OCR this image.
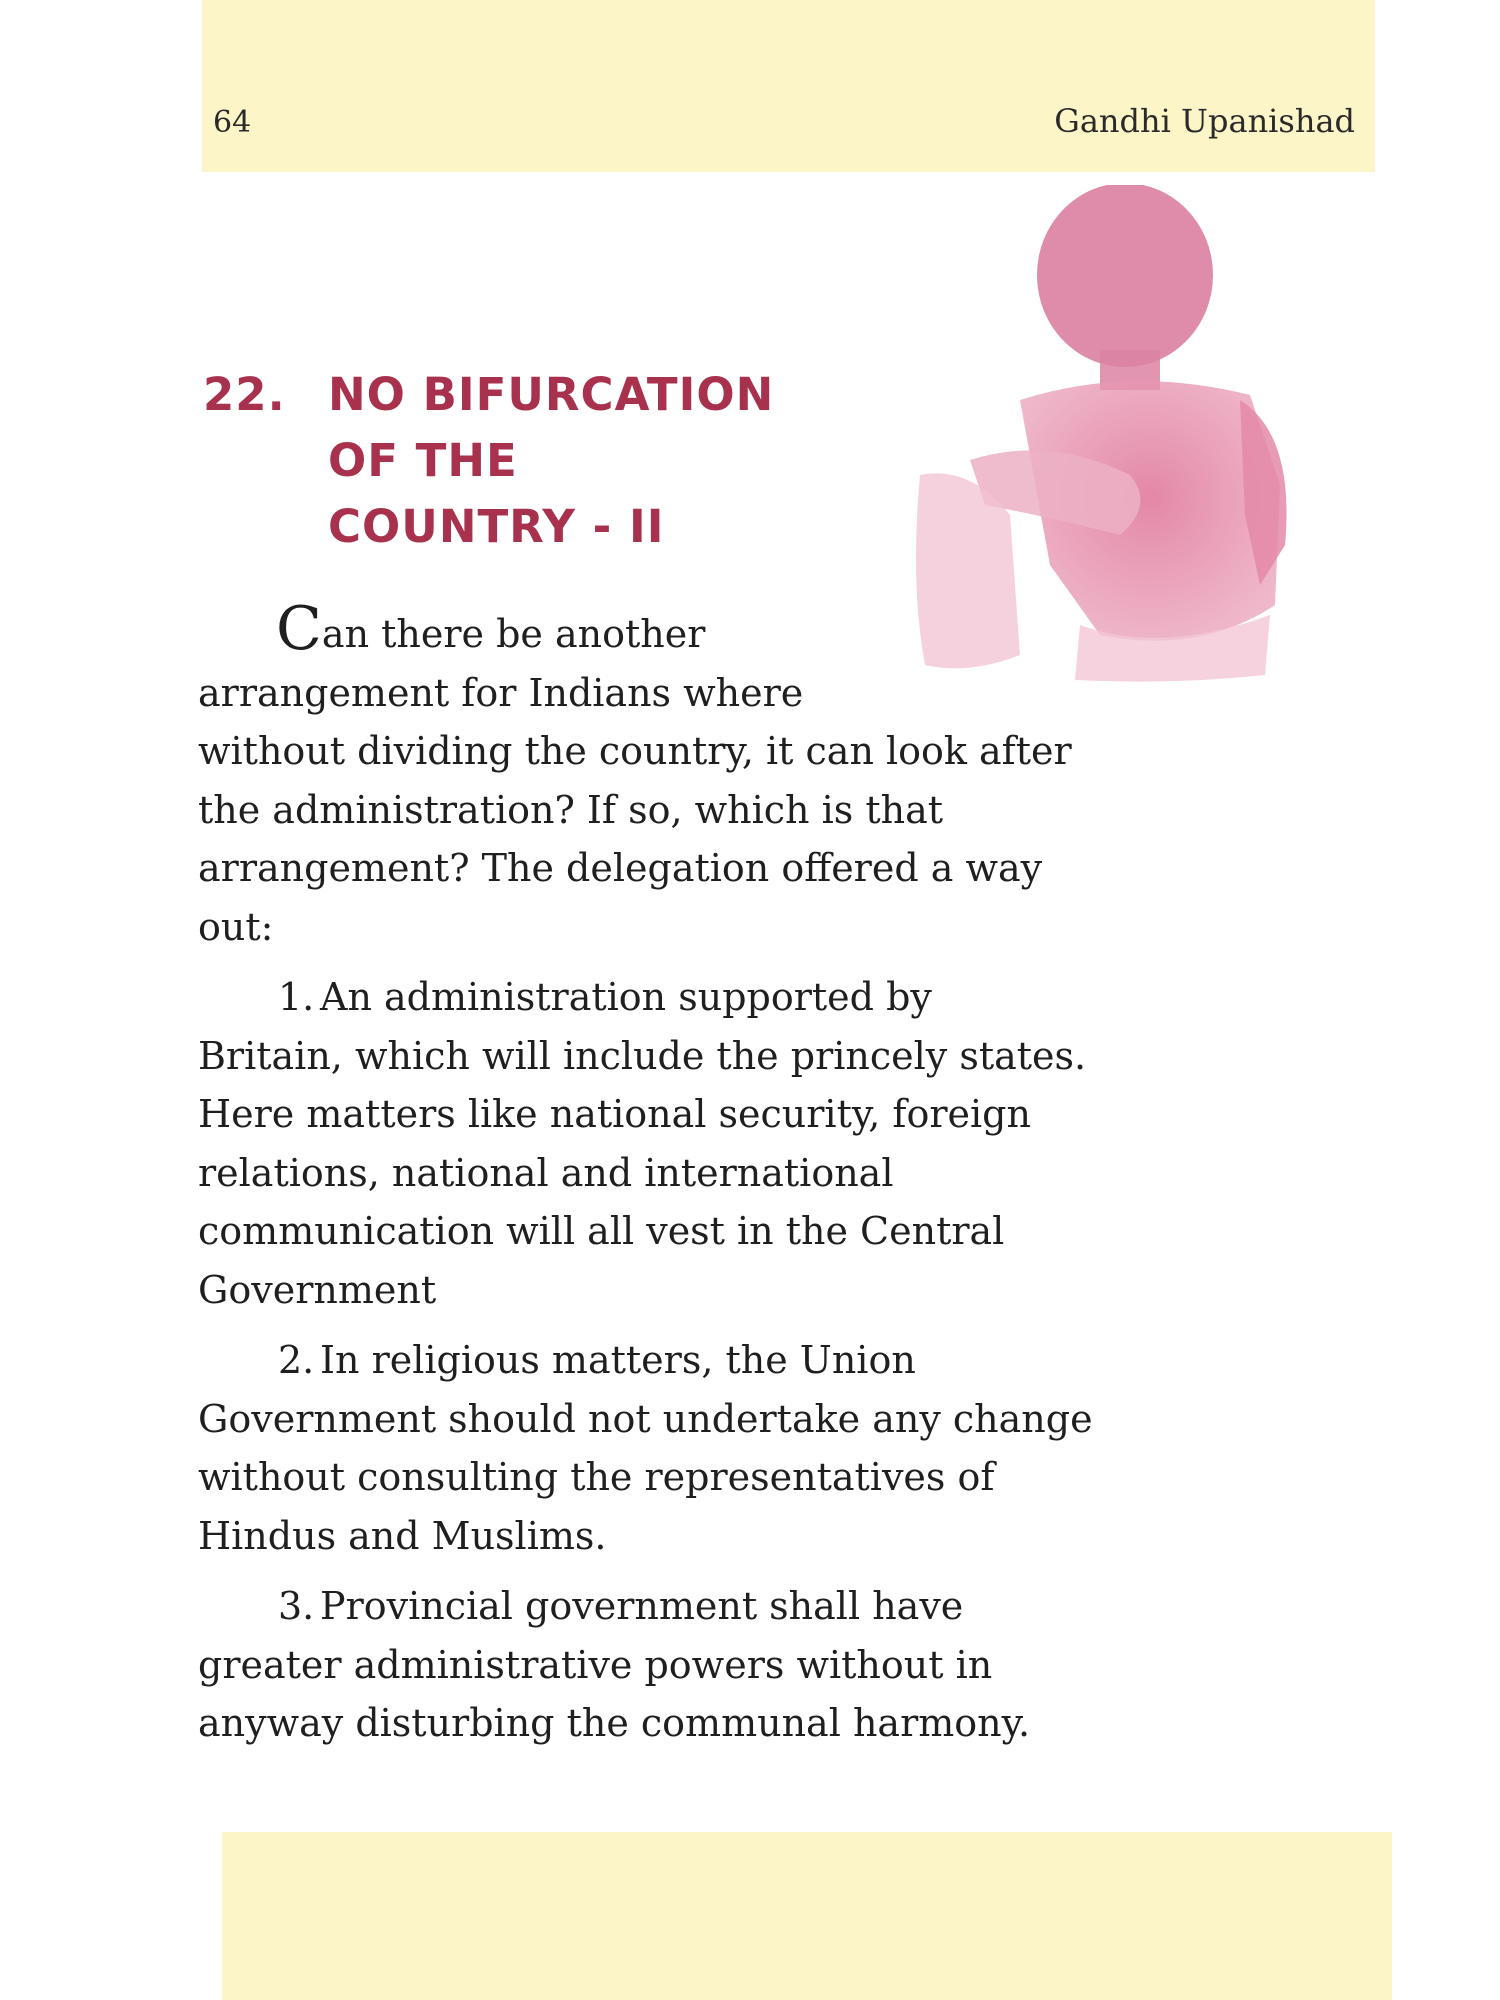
64	Gandhi Upanishad
22. NO BIFURCATION
OF THE
COUNTRY - II

Can there be another
arrangement for Indians where
without dividing the country, it can look after
the administration? If so, which is that
arrangement? The delegation offered a way
out:

1. An administration supported by
Britain, which will include the princely states.
Here matters like national security, foreign
relations, national and international
communication will all vest in the Central
Government

2. In religious matters, the Union
Government should not undertake any change
without consulting the representatives of
Hindus and Muslims.

3. Provincial government shall have
greater administrative powers without in
anyway disturbing the communal harmony.
